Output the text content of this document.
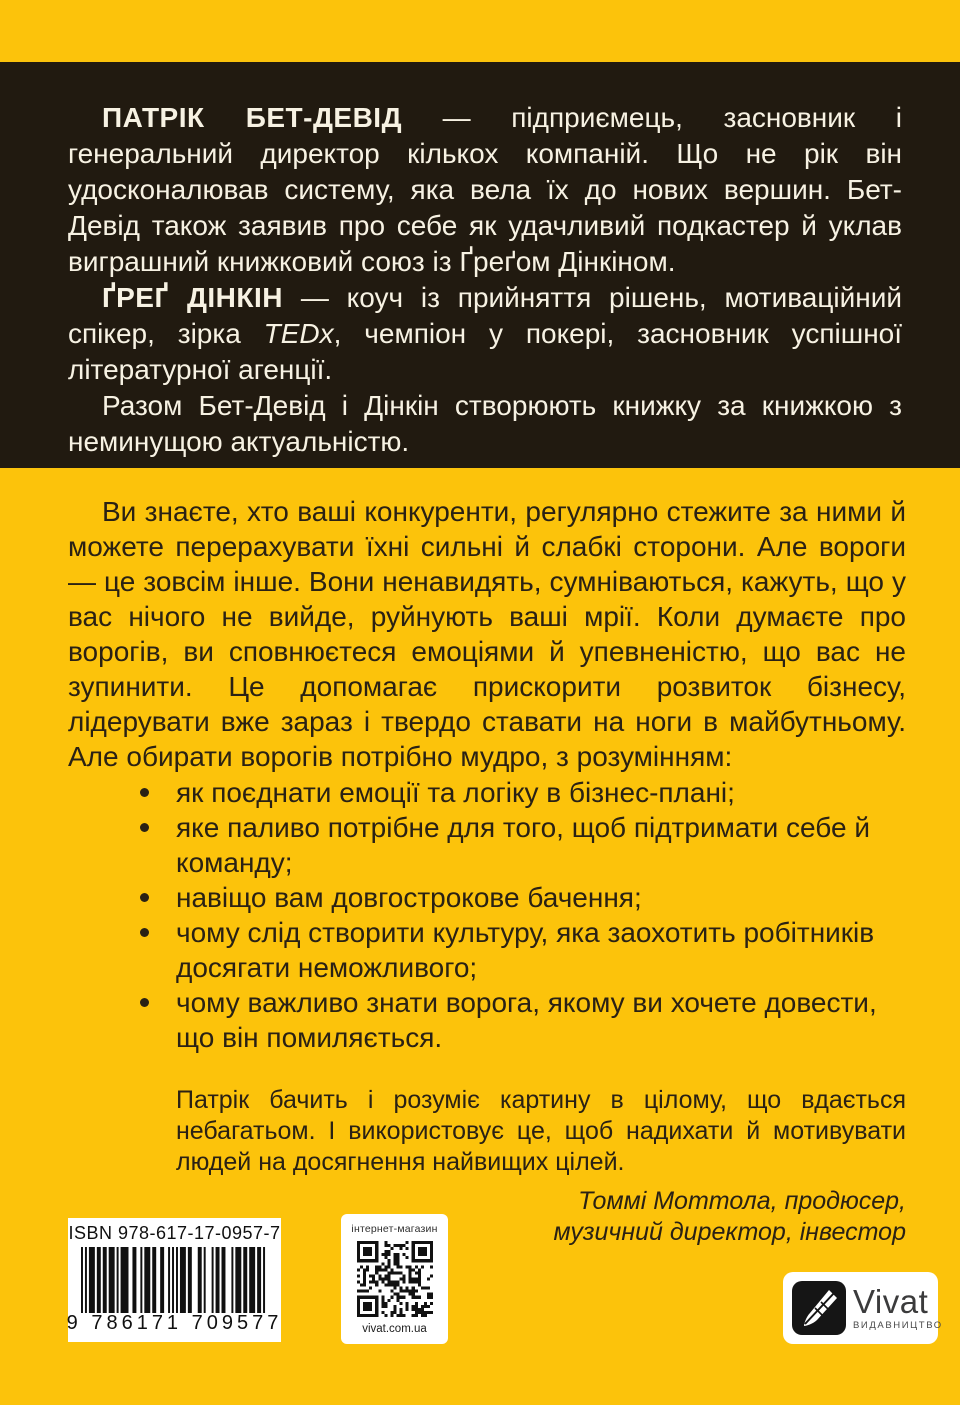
ПАТРІК БЕТ-ДЕВІД — підприємець, засновник і генеральний директор кількох компаній. Що не рік він удосконалював систему, яка вела їх до нових вершин. Бет-Девід також заявив про себе як удачливий подкастер й уклав виграшний книжковий союз із Ґреґом Дінкіном.

ҐРЕҐ ДІНКІН — коуч із прийняття рішень, мотиваційний спікер, зірка TEDx, чемпіон у покері, засновник успішної літературної агенції.

Разом Бет-Девід і Дінкін створюють книжку за книжкою з неминущою актуальністю.

Ви знаєте, хто ваші конкуренти, регулярно стежите за ними й можете перерахувати їхні сильні й слабкі сторони. Але вороги — це зовсім інше. Вони ненавидять, сумніваються, кажуть, що у вас нічого не вийде, руйнують ваші мрії. Коли думаєте про ворогів, ви сповнюєтеся емоціями й упевненістю, що вас не зупинити. Це допомагає прискорити розвиток бізнесу, лідерувати вже зараз і твердо ставати на ноги в майбутньому. Але обирати ворогів потрібно мудро, з розумінням:

як поєднати емоції та логіку в бізнес-плані;
яке паливо потрібне для того, щоб підтримати себе й команду;
навіщо вам довгострокове бачення;
чому слід створити культуру, яка заохотить робітників досягати неможливого;
чому важливо знати ворога, якому ви хочете довести, що він помиляється.

Патрік бачить і розуміє картину в цілому, що вдається небагатьом. І використовує це, щоб надихати й мотивувати людей на досягнення найвищих цілей.

Томмі Моттола, продюсер,

музичний директор, інвестор

ISBN 978-617-17-0957-7
9 786171 709577
інтернет-магазин
vivat.com.ua
Vivat
ВИДАВНИЦТВО
